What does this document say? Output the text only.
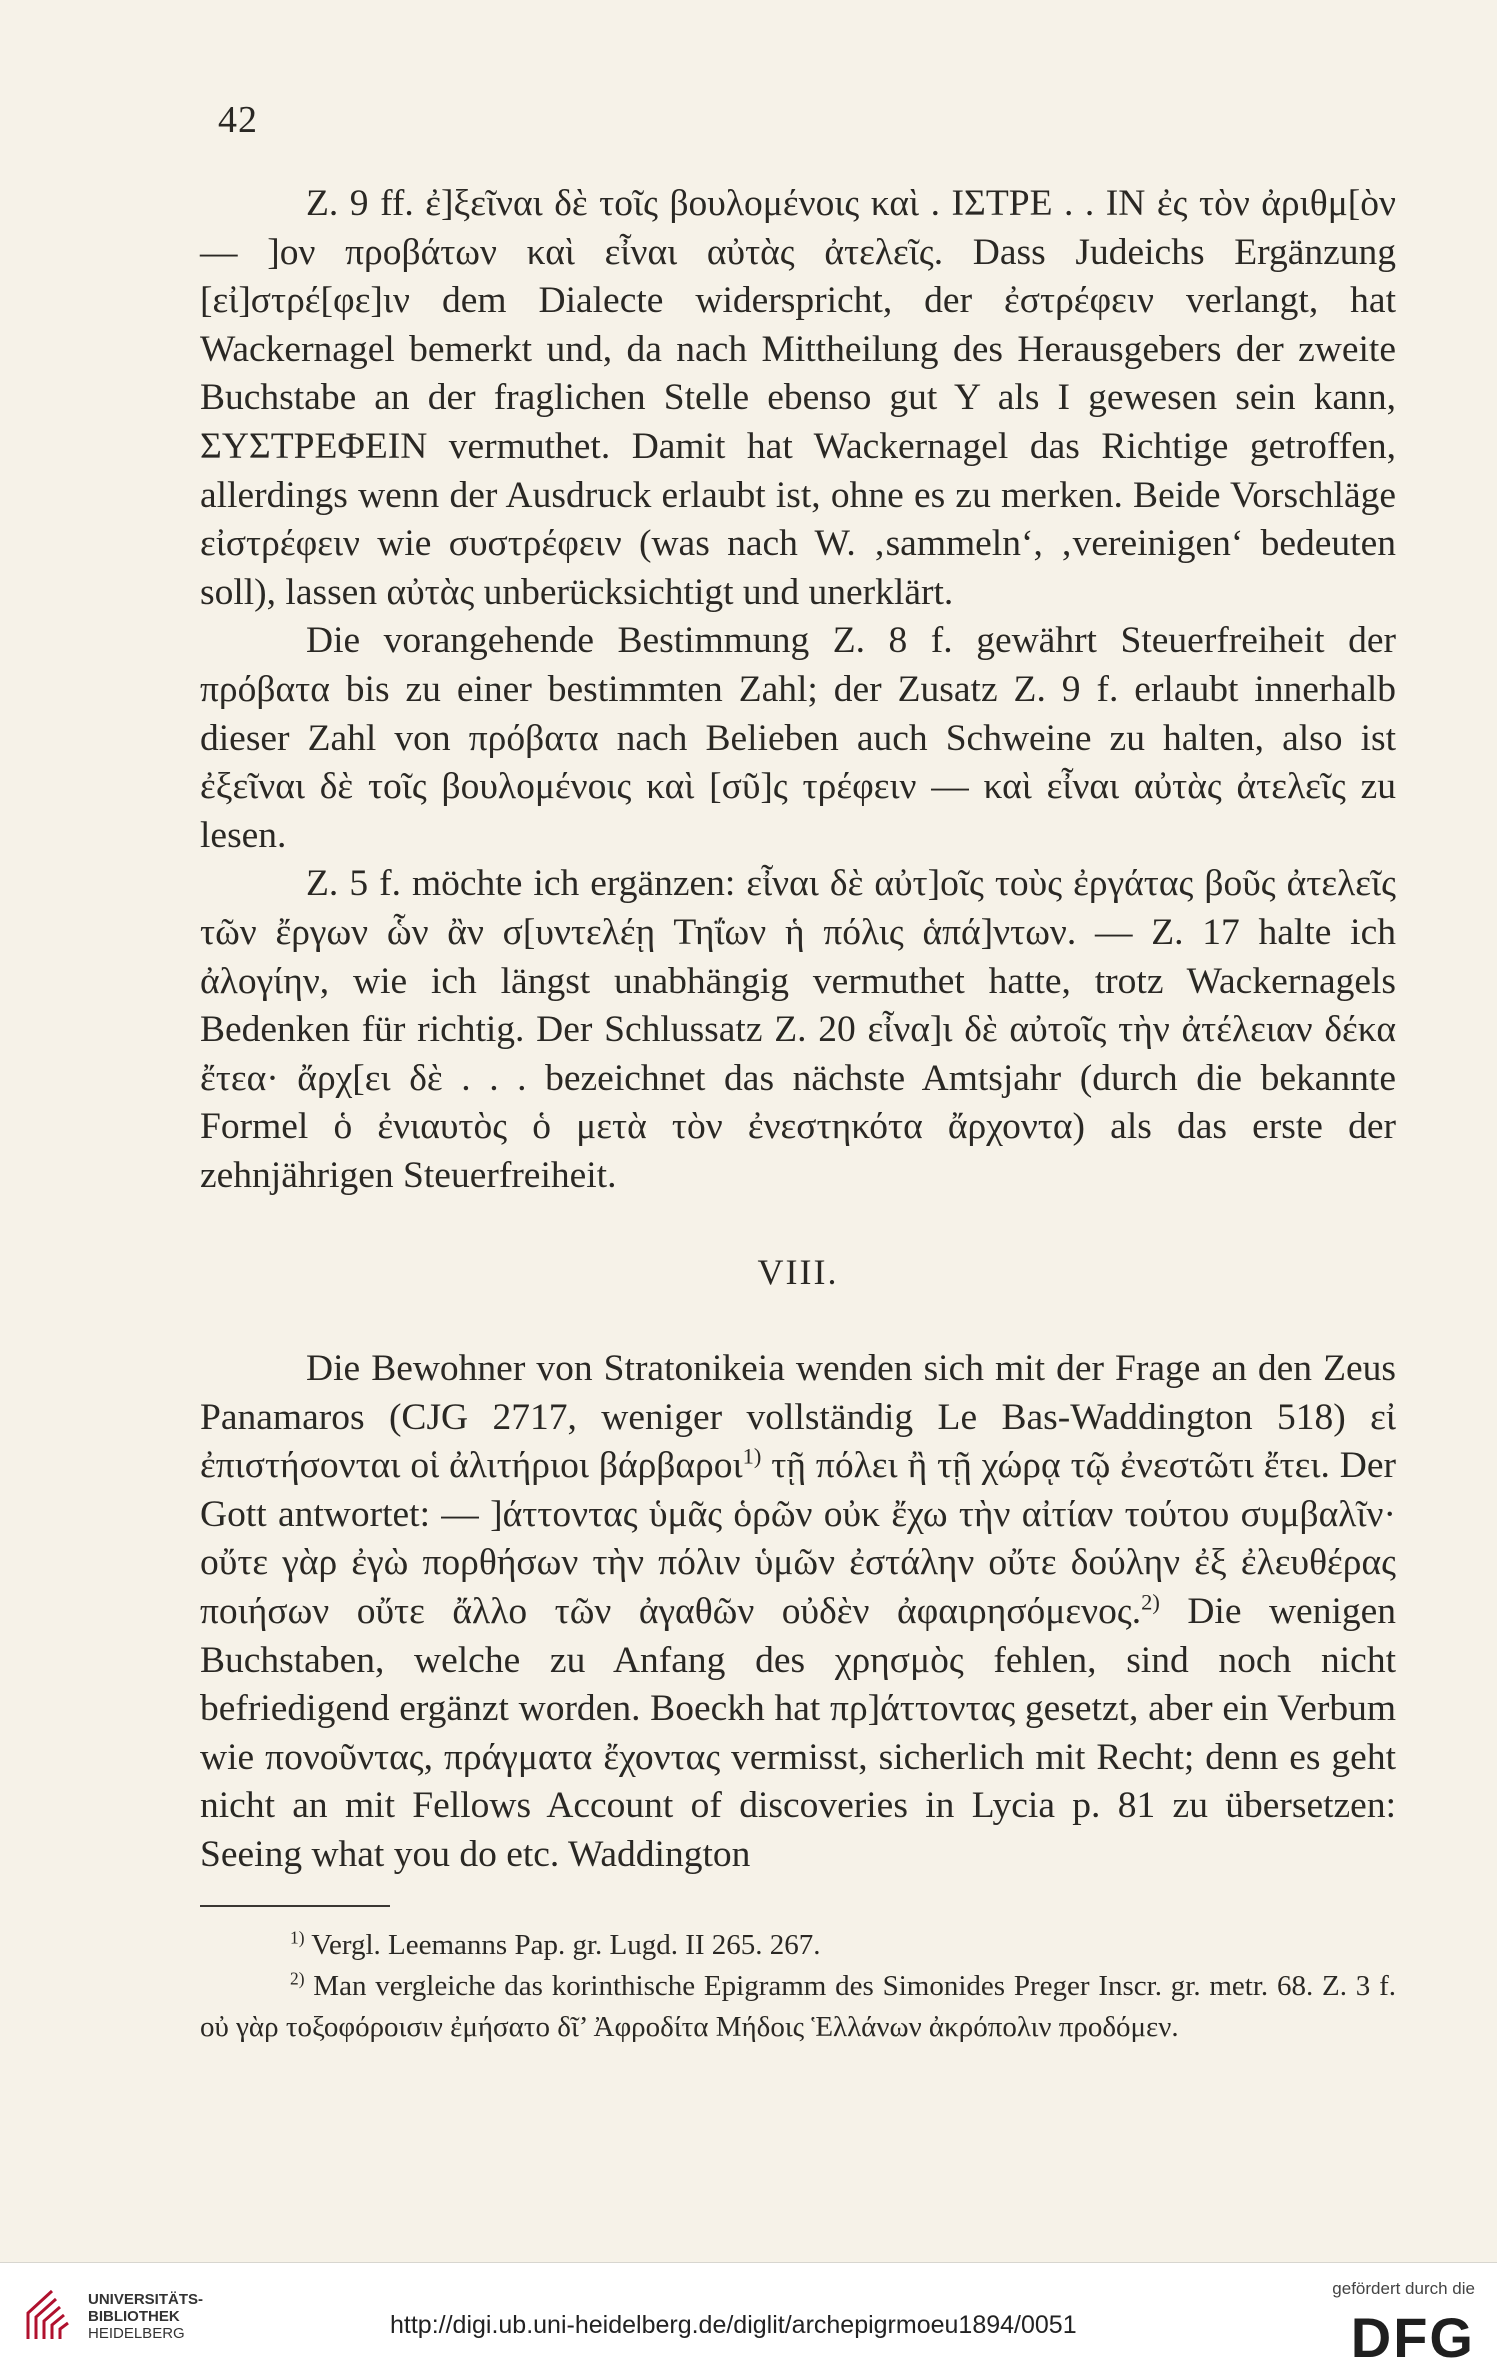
42

Z. 9 ff. ἐ]ξεῖναι δὲ τοῖς βουλομένοις καὶ . ΙΣΤΡΕ . . ΙΝ ἐς τὸν ἀριθμ[ὸν — ]ον προβάτων καὶ εἶναι αὐτὰς ἀτελεῖς. Dass Judeichs Ergänzung [εἰ]στρέ[φε]ιν dem Dialecte widerspricht, der ἐστρέφειν verlangt, hat Wackernagel bemerkt und, da nach Mittheilung des Herausgebers der zweite Buchstabe an der fraglichen Stelle ebenso gut Y als I gewesen sein kann, ΣΥΣΤΡΕΦΕΙΝ vermuthet. Damit hat Wackernagel das Richtige getroffen, allerdings wenn der Ausdruck erlaubt ist, ohne es zu merken. Beide Vorschläge εἰστρέφειν wie συστρέφειν (was nach W. ‚sammeln‘, ‚vereinigen‘ bedeuten soll), lassen αὐτὰς unberücksichtigt und unerklärt.

Die vorangehende Bestimmung Z. 8 f. gewährt Steuerfreiheit der πρόβατα bis zu einer bestimmten Zahl; der Zusatz Z. 9 f. erlaubt innerhalb dieser Zahl von πρόβατα nach Belieben auch Schweine zu halten, also ist ἐξεῖναι δὲ τοῖς βουλομένοις καὶ [σῦ]ς τρέφειν — καὶ εἶναι αὐτὰς ἀτελεῖς zu lesen.

Z. 5 f. möchte ich ergänzen: εἶναι δὲ αὐτ]οῖς τοὺς ἐργάτας βοῦς ἀτελεῖς τῶν ἔργων ὧν ἂν σ[υντελέῃ Τηΐων ἡ πόλις ἁπά]ντων. — Z. 17 halte ich ἀλογίην, wie ich längst unabhängig vermuthet hatte, trotz Wackernagels Bedenken für richtig. Der Schlussatz Z. 20 εἶνα]ι δὲ αὐτοῖς τὴν ἀτέλειαν δέκα ἔτεα· ἄρχ[ει δὲ . . . bezeichnet das nächste Amtsjahr (durch die bekannte Formel ὁ ἐνιαυτὸς ὁ μετὰ τὸν ἐνεστηκότα ἄρχοντα) als das erste der zehnjährigen Steuerfreiheit.

VIII.

Die Bewohner von Stratonikeia wenden sich mit der Frage an den Zeus Panamaros (CJG 2717, weniger vollständig Le Bas-Waddington 518) εἰ ἐπιστήσονται οἱ ἀλιτήριοι βάρβαροι$^{1)}$ τῇ πόλει ἢ τῇ χώρᾳ τῷ ἐνεστῶτι ἔτει. Der Gott antwortet: — ]άττοντας ὑμᾶς ὁρῶν οὐκ ἔχω τὴν αἰτίαν τούτου συμβαλῖν· οὔτε γὰρ ἐγὼ πορθήσων τὴν πόλιν ὑμῶν ἐστάλην οὔτε δούλην ἐξ ἐλευθέρας ποιήσων οὔτε ἄλλο τῶν ἀγαθῶν οὐδὲν ἀφαιρησόμενος.$^{2)}$ Die wenigen Buchstaben, welche zu Anfang des χρησμὸς fehlen, sind noch nicht befriedigend ergänzt worden. Boeckh hat πρ]άττοντας gesetzt, aber ein Verbum wie πονοῦντας, πράγματα ἔχοντας vermisst, sicherlich mit Recht; denn es geht nicht an mit Fellows Account of discoveries in Lycia p. 81 zu übersetzen: Seeing what you do etc. Waddington

$^{1)}$ Vergl. Leemanns Pap. gr. Lugd. II 265. 267.

$^{2)}$ Man vergleiche das korinthische Epigramm des Simonides Preger Inscr. gr. metr. 68. Z. 3 f. οὐ γὰρ τοξοφόροισιν ἐμήσατο δῖ’ Ἀφροδίτα Μήδοις Ἑλλάνων ἀκρόπολιν προδόμεν.

UNIVERSITÄTS-
BIBLIOTHEK
HEIDELBERG	http://digi.ub.uni-heidelberg.de/diglit/archepigrmoeu1894/0051
gefördert durch die
DFG
